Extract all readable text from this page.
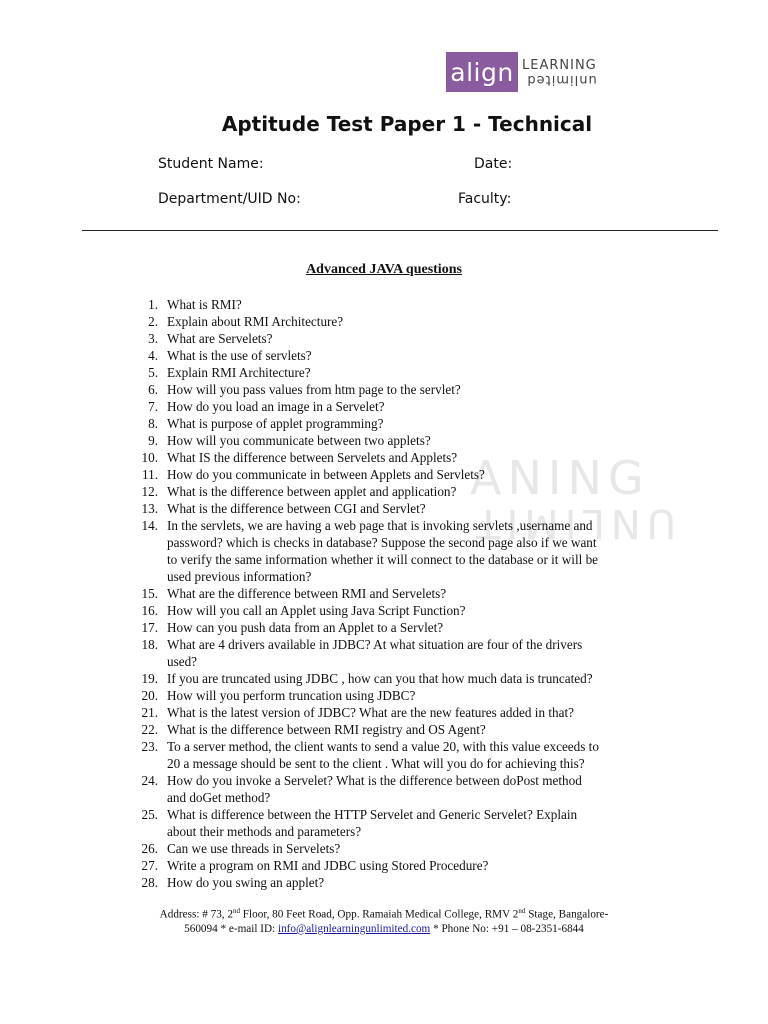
align LEARNING
unlimited
Aptitude Test Paper 1 - Technical
Student Name:	Date:
Department/UID No:	Faculty:
Advanced JAVA questions
ANING
UNLIMIT
1. What is RMI?
2. Explain about RMI Architecture?
3. What are Servelets?
4. What is the use of servlets?
5. Explain RMI Architecture?
6. How will you pass values from htm page to the servlet?
7. How do you load an image in a Servelet?
8. What is purpose of applet programming?
9. How will you communicate between two applets?
10. What IS the difference between Servelets and Applets?
11. How do you communicate in between Applets and Servlets?
12. What is the difference between applet and application?
13. What is the difference between CGI and Servlet?
14. In the servlets, we are having a web page that is invoking servlets ,username and
password? which is checks in database? Suppose the second page also if we want
to verify the same information whether it will connect to the database or it will be
used previous information?
15. What are the difference between RMI and Servelets?
16. How will you call an Applet using Java Script Function?
17. How can you push data from an Applet to a Servlet?
18. What are 4 drivers available in JDBC? At what situation are four of the drivers
used?
19. If you are truncated using JDBC , how can you that how much data is truncated?
20. How will you perform truncation using JDBC?
21. What is the latest version of JDBC? What are the new features added in that?
22. What is the difference between RMI registry and OS Agent?
23. To a server method, the client wants to send a value 20, with this value exceeds to
20 a message should be sent to the client . What will you do for achieving this?
24. How do you invoke a Servelet? What is the difference between doPost method
and doGet method?
25. What is difference between the HTTP Servelet and Generic Servelet? Explain
about their methods and parameters?
26. Can we use threads in Servelets?
27. Write a program on RMI and JDBC using Stored Procedure?
28. How do you swing an applet?
Address: # 73, 2nd Floor, 80 Feet Road, Opp. Ramaiah Medical College, RMV 2nd Stage, Bangalore-
560094 * e-mail ID: info@alignlearningunlimited.com * Phone No: +91 – 08-2351-6844
